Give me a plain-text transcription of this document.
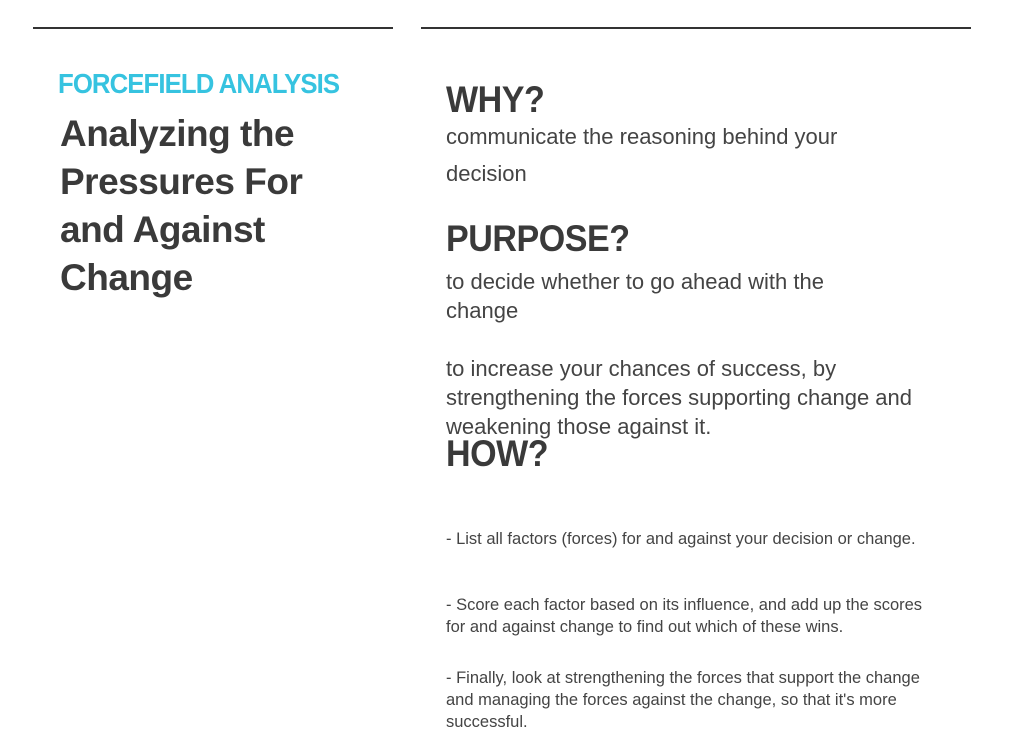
FORCEFIELD ANALYSIS
Analyzing the
Pressures For
and Against
Change
WHY?

communicate the reasoning behind your decision

PURPOSE?

to decide whether to go ahead with the change

to increase your chances of success, by strengthening the forces supporting change and weakening those against it.

HOW?

- List all factors (forces) for and against your decision or change.

- Score each factor based on its influence, and add up the scores for and against change to find out which of these wins.

- Finally, look at strengthening the forces that support the change and managing the forces against the change, so that it's more successful.
